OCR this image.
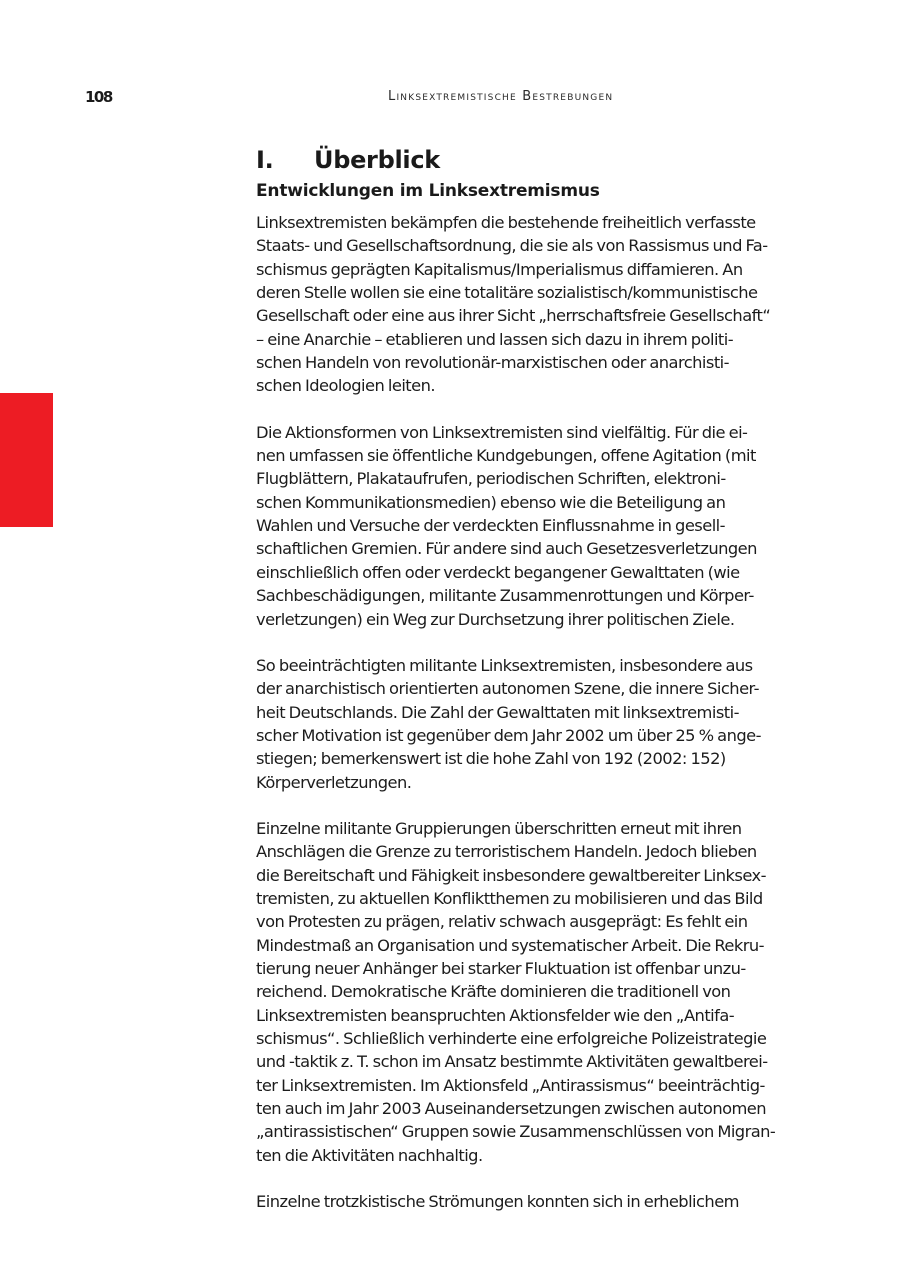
108	Linksextremistische Bestrebungen
I.	Überblick
Entwicklungen im Linksextremismus
Linksextremisten bekämpfen die bestehende freiheitlich verfasste
Staats- und Gesellschaftsordnung, die sie als von Rassismus und Fa-
schismus geprägten Kapitalismus/Imperialismus diffamieren. An
deren Stelle wollen sie eine totalitäre sozialistisch/kommunistische
Gesellschaft oder eine aus ihrer Sicht „herrschaftsfreie Gesellschaft“
– eine Anarchie – etablieren und lassen sich dazu in ihrem politi-
schen Handeln von revolutionär-marxistischen oder anarchisti-
schen Ideologien leiten.
Die Aktionsformen von Linksextremisten sind vielfältig. Für die ei-
nen umfassen sie öffentliche Kundgebungen, offene Agitation (mit
Flugblättern, Plakataufrufen, periodischen Schriften, elektroni-
schen Kommunikationsmedien) ebenso wie die Beteiligung an
Wahlen und Versuche der verdeckten Einflussnahme in gesell-
schaftlichen Gremien. Für andere sind auch Gesetzesverletzungen
einschließlich offen oder verdeckt begangener Gewalttaten (wie
Sachbeschädigungen, militante Zusammenrottungen und Körper-
verletzungen) ein Weg zur Durchsetzung ihrer politischen Ziele.
So beeinträchtigten militante Linksextremisten, insbesondere aus
der anarchistisch orientierten autonomen Szene, die innere Sicher-
heit Deutschlands. Die Zahl der Gewalttaten mit linksextremisti-
scher Motivation ist gegenüber dem Jahr 2002 um über 25 % ange-
stiegen; bemerkenswert ist die hohe Zahl von 192 (2002: 152)
Körperverletzungen.
Einzelne militante Gruppierungen überschritten erneut mit ihren
Anschlägen die Grenze zu terroristischem Handeln. Jedoch blieben
die Bereitschaft und Fähigkeit insbesondere gewaltbereiter Linksex-
tremisten, zu aktuellen Konfliktthemen zu mobilisieren und das Bild
von Protesten zu prägen, relativ schwach ausgeprägt: Es fehlt ein
Mindestmaß an Organisation und systematischer Arbeit. Die Rekru-
tierung neuer Anhänger bei starker Fluktuation ist offenbar unzu-
reichend. Demokratische Kräfte dominieren die traditionell von
Linksextremisten beanspruchten Aktionsfelder wie den „Antifa-
schismus“. Schließlich verhinderte eine erfolgreiche Polizeistrategie
und -taktik z. T. schon im Ansatz bestimmte Aktivitäten gewaltberei-
ter Linksextremisten. Im Aktionsfeld „Antirassismus“ beeinträchtig-
ten auch im Jahr 2003 Auseinandersetzungen zwischen autonomen
„antirassistischen“ Gruppen sowie Zusammenschlüssen von Migran-
ten die Aktivitäten nachhaltig.
Einzelne trotzkistische Strömungen konnten sich in erheblichem
